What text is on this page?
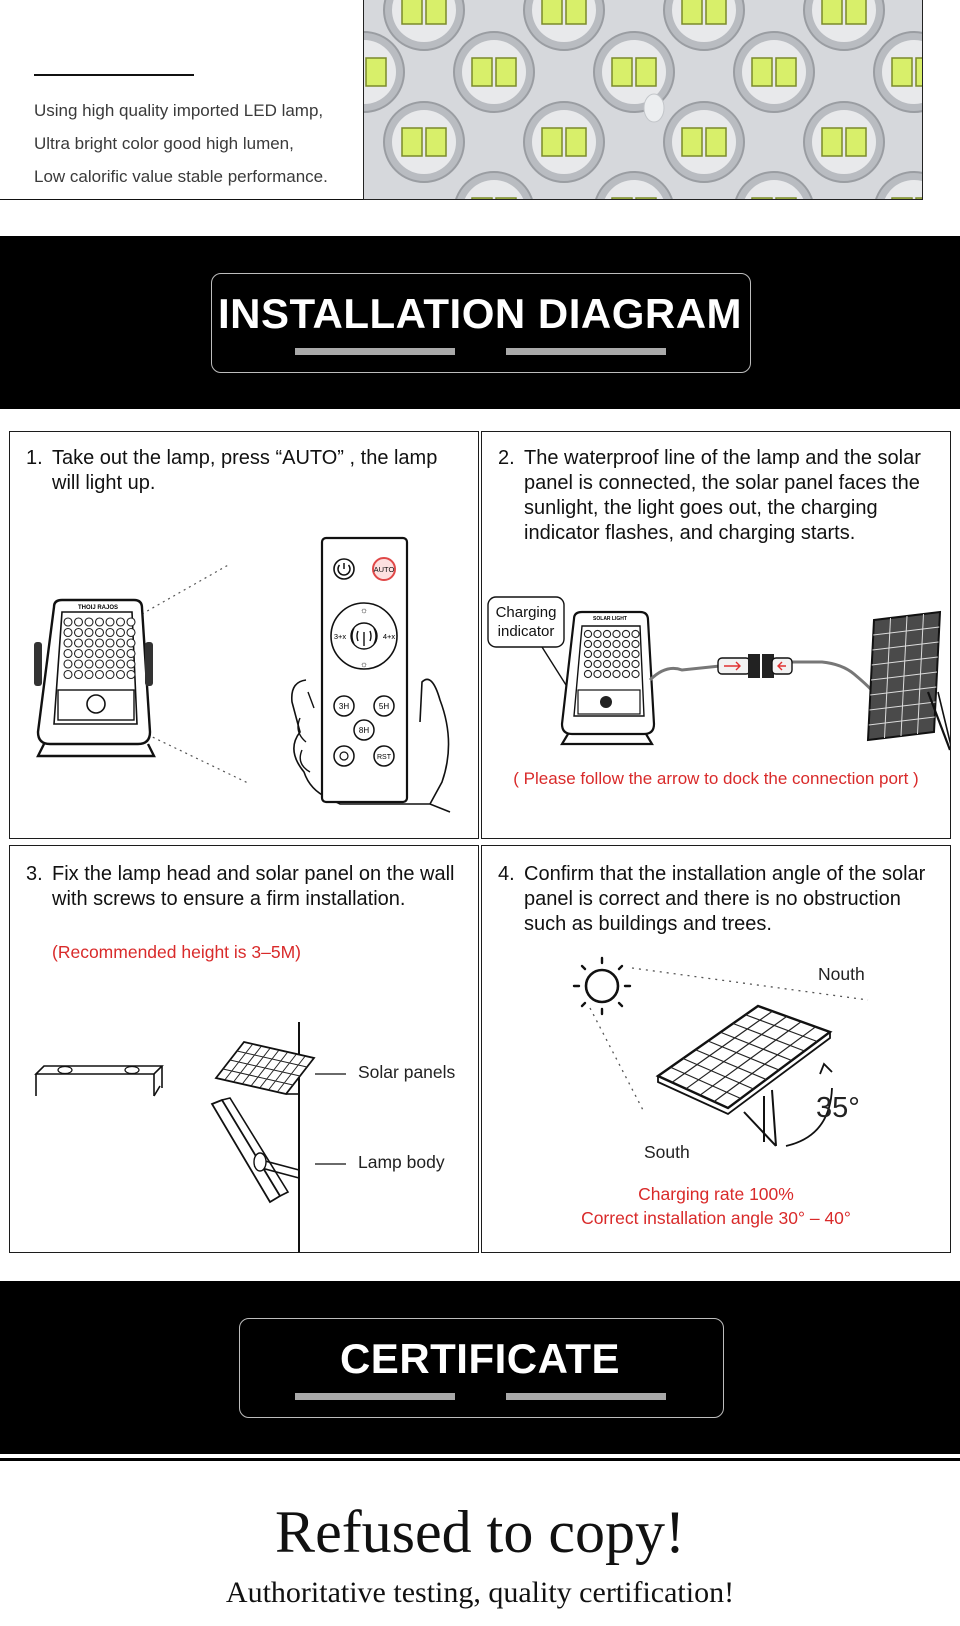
Using high quality imported LED lamp,
Ultra bright color good high lumen,
Low calorific value stable performance.
INSTALLATION DIAGRAM
1. Take out the lamp, press “AUTO” , the lamp will light up.
THOIJ RAJOS
AUTO
☼
☼
3+x	4+x
3H	5H
8H
RST
2. The waterproof line of the lamp and the solar panel is connected, the solar panel faces the sunlight, the light goes out, the charging indicator flashes, and charging starts.
Charging
indicator
SOLAR LIGHT
( Please follow the arrow to dock the connection port )
3. Fix the lamp head and solar panel on the wall with screws to ensure a firm installation.
(Recommended height is 3–5M)
Solar panels
Lamp body
4. Confirm that the installation angle of the solar panel is correct and there is no obstruction such as buildings and trees.
Nouth
South
35°
Charging rate 100%
Correct installation angle 30° – 40°
CERTIFICATE
Refused to copy!
Authoritative testing, quality certification!
